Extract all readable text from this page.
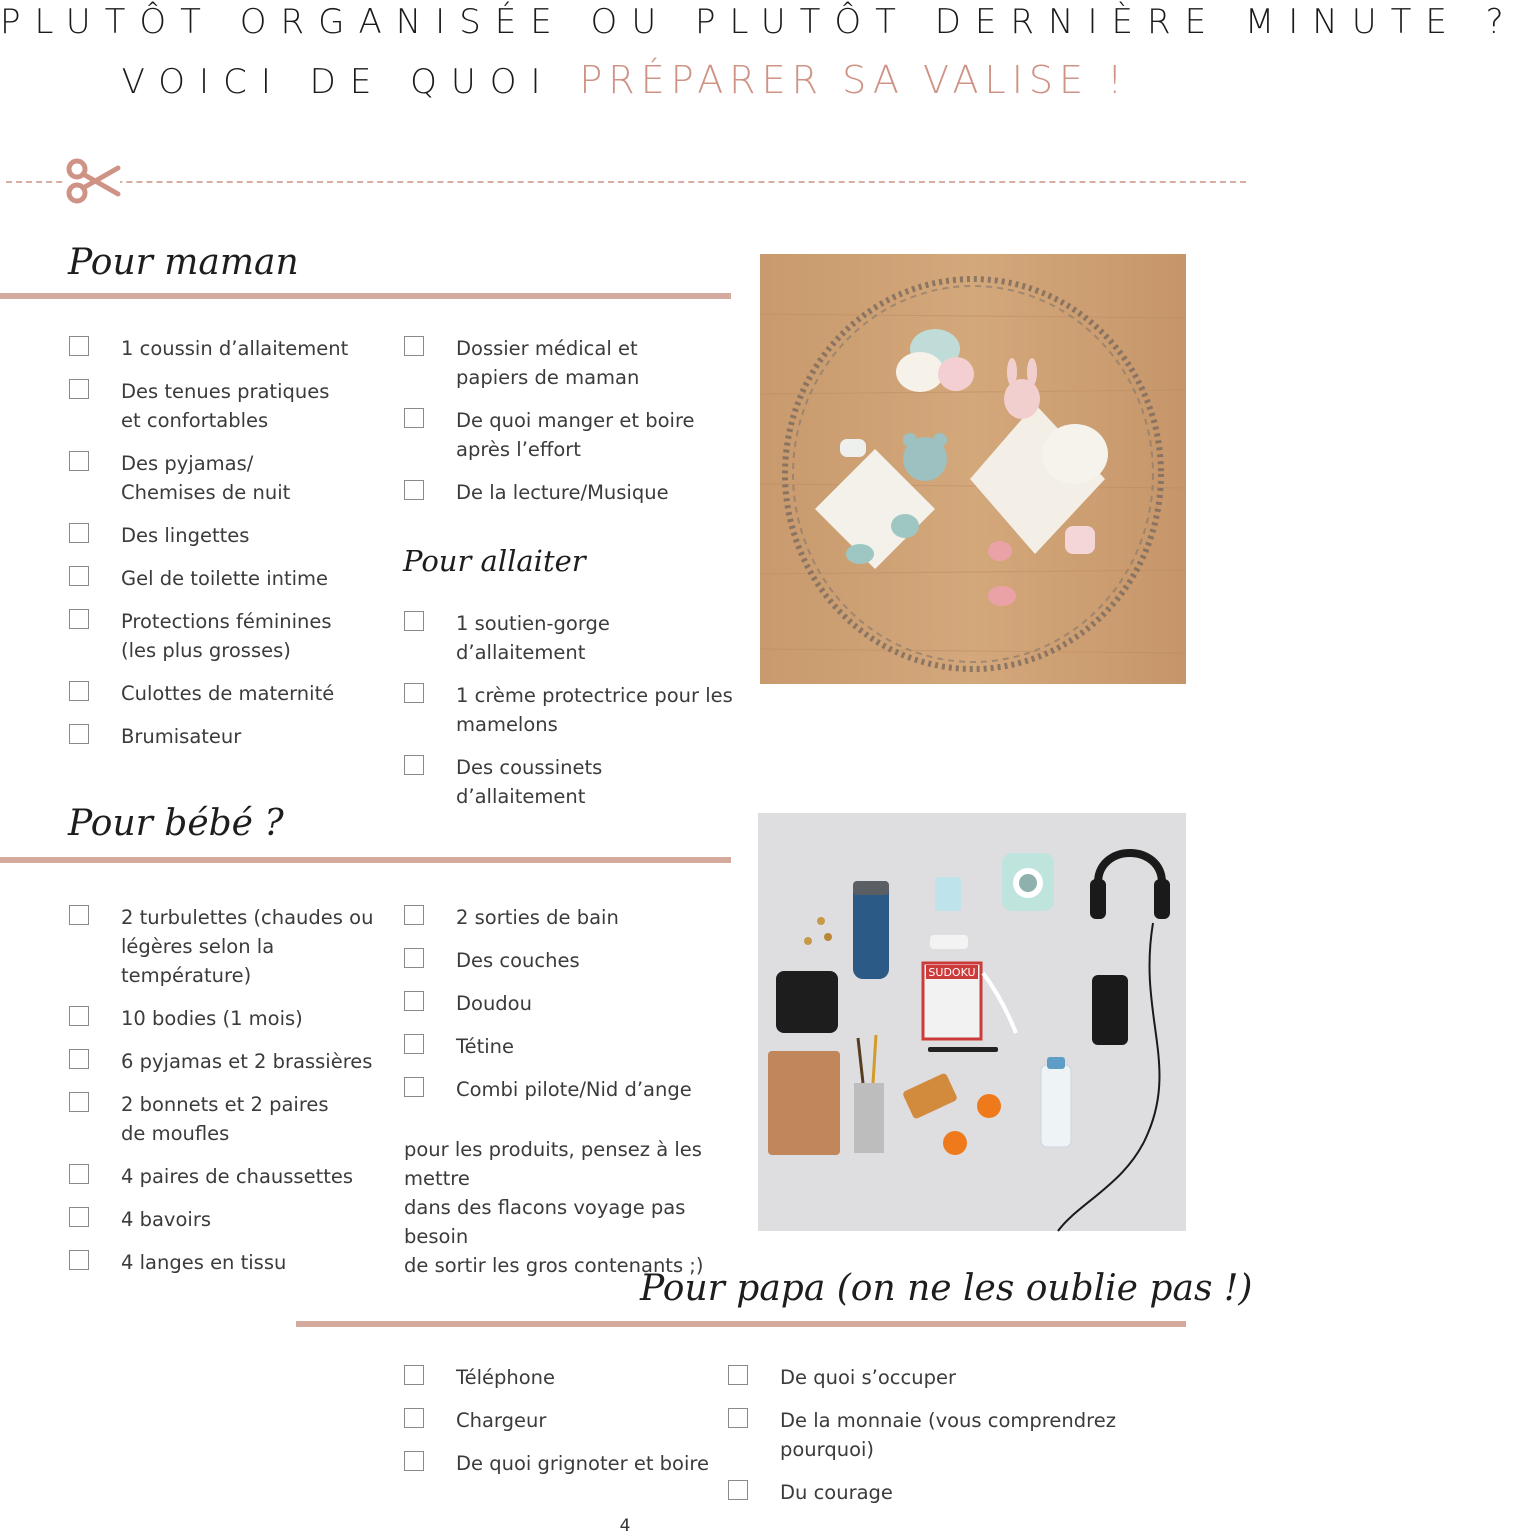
PLUTÔT ORGANISÉE OU PLUTÔT DERNIÈRE MINUTE ?
VOICI DE QUOI PRÉPARER SA VALISE !
Pour maman
1 coussin d’allaitement
Des tenues pratiques
et confortables
Des pyjamas/
Chemises de nuit
Des lingettes
Gel de toilette intime
Protections féminines
(les plus grosses)
Culottes de maternité
Brumisateur
Dossier médical et
papiers de maman
De quoi manger et boire
après l’effort
De la lecture/Musique
Pour allaiter
1 soutien-gorge d’allaitement
1 crème protectrice pour les
mamelons
Des coussinets d’allaitement
Pour bébé ?
2 turbulettes (chaudes ou
légères selon la température)
10 bodies (1 mois)
6 pyjamas et 2 brassières
2 bonnets et 2 paires
de moufles
4 paires de chaussettes
4 bavoirs
4 langes en tissu
2 sorties de bain
Des couches
Doudou
Tétine
Combi pilote/Nid d’ange
pour les produits, pensez à les mettre
dans des flacons voyage pas besoin
de sortir les gros contenants ;)
SUDOKU
Pour papa (on ne les oublie pas !)
Téléphone
Chargeur
De quoi grignoter et boire
De quoi s’occuper
De la monnaie (vous comprendrez pourquoi)
Du courage
4
